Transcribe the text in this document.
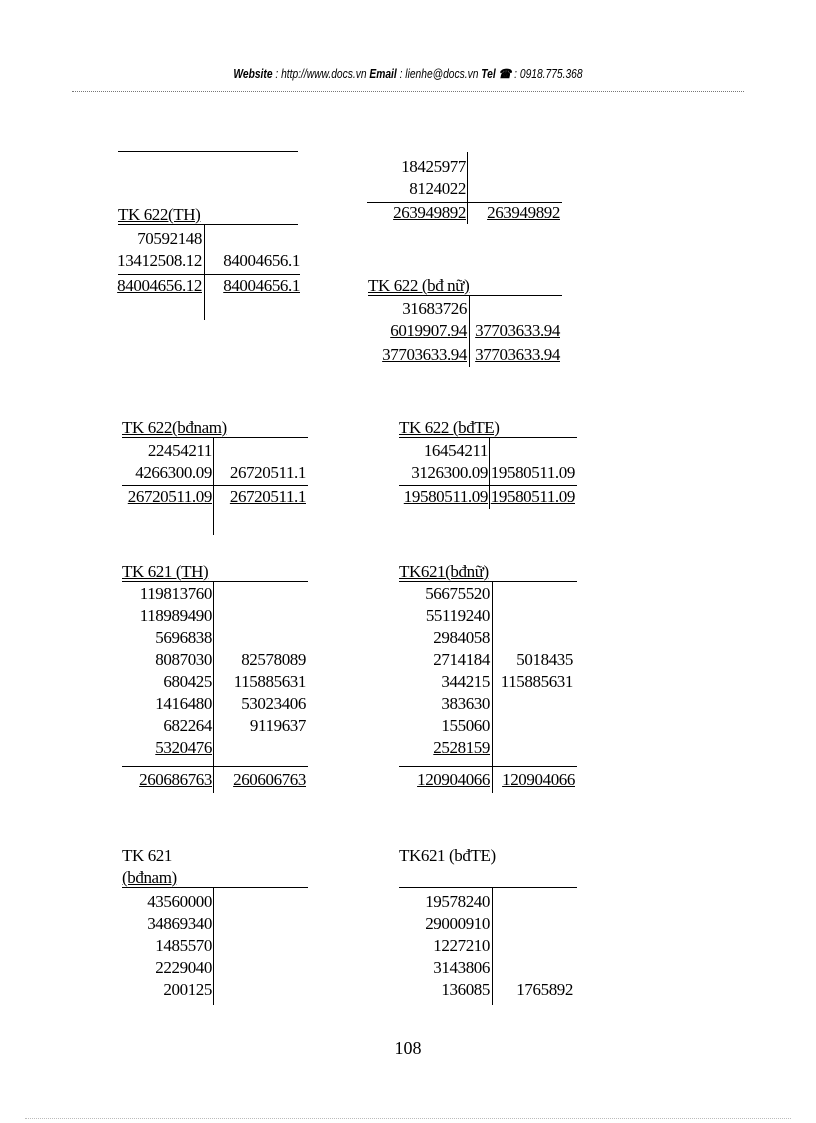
Website : http://www.docs.vn Email : lienhe@docs.vn Tel ☎ : 0918.775.368
18425977
8124022
263949892 263949892
TK 622(TH)
70592148
13412508.12 84004656.1
84004656.12 84004656.1	TK 622 (bđ nữ)
31683726
6019907.94 37703633.94
37703633.94 37703633.94
TK 622(bđnam)
22454211
4266300.09 26720511.1
26720511.09 26720511.1
TK 622 (bđTE)
16454211
3126300.09 19580511.09
19580511.09 19580511.09
TK 621 (TH)
119813760
118989490
5696838
8087030 82578089
680425 115885631
1416480 53023406
682264 9119637
5320476
260686763 260606763
TK621(bđnữ)
56675520
55119240
2984058
2714184 5018435
344215 115885631
383630
155060
2528159
120904066 120904066
TK 621
(bđnam)
43560000
34869340
1485570
2229040
200125
TK621 (bđTE)
19578240
29000910
1227210
3143806
136085 1765892
108
